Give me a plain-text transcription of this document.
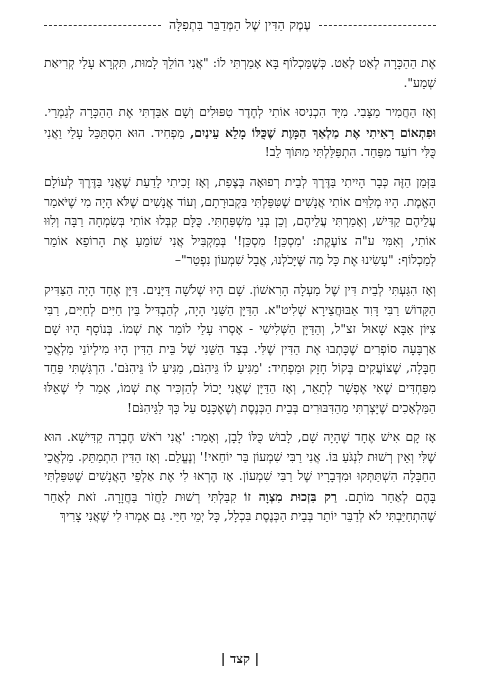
עֶמֶק הַדִּין שֶׁל הַמְּדַבֵּר בִּתְפִלָּה

אֶת הַהַכָּרָה לְאַט לְאַט. כְּשֶׁמַּכְלוֹף בָּא אָמַרְתִּי לוֹ: "אֲנִי הוֹלֵךְ לָמוּת, תִּקְרָא עָלַי קְרִיאַת שְׁמַע".

וְאָז הַחֲמִיר מַצָּבִי. מִיָּד הִכְנִיסוּ אוֹתִי לְחֶדֶר טִפּוּלִים וְשָׁם אִבַּדְתִּי אֶת הַהַכָּרָה לְגַמְרֵי. וּפִתְאוֹם רָאִיתִי אֶת מַלְאַךְ הַמָּוֶת שֶׁכֻּלּוֹ מָלֵא עֵינַיִם, מַפְחִיד. הוּא הִסְתַּכֵּל עָלַי וַאֲנִי כֻּלִּי רוֹעֵד מִפַּחַד. הִתְפַּלַּלְתִּי מִתּוֹךְ לֵב!

בַּזְּמַן הַזֶּה כְּבָר הָיִיתִי בַּדֶּרֶךְ לְבֵית רְפוּאָה בְּצֶפַת, וְאָז זָכִיתִי לָדַעַת שֶׁאֲנִי בַּדֶּרֶךְ לְעוֹלָם הָאֱמֶת. הָיוּ מְלַוִּים אוֹתִי אֲנָשִׁים שֶׁטִּפַּלְתִּי בִּקְבוּרָתָם, וְעוֹד אֲנָשִׁים שֶׁלֹּא הָיָה מִי שֶׁיֹּאמַר עֲלֵיהֶם קַדִּישׁ, וְאָמַרְתִּי עֲלֵיהֶם, וְכֵן בְּנֵי מִשְׁפַּחְתִּי. כֻּלָּם קִבְּלוּ אוֹתִי בְּשִׂמְחָה רַבָּה וְלִוּוּ אוֹתִי, וְאִמִּי ע"ה צוֹעֶקֶת: 'מִסְכֵּן! מִסְכֵּן!' בְּמַקְבִּיל אֲנִי שׁוֹמֵעַ אֶת הָרוֹפֵא אוֹמֵר לְמַכְלוֹף: "עָשִׂינוּ אֶת כָּל מַה שֶּׁיָּכֹלְנוּ, אֲבָל שִׁמְעוֹן נִפְטַר"–

וְאָז הִגַּעְתִּי לְבֵית דִּין שֶׁל מַעְלָה הָרִאשׁוֹן. שָׁם הָיוּ שְׁלֹשָׁה דַּיָּנִים. דַּיָּן אֶחָד הָיָה הַצַּדִּיק הַקָּדוֹשׁ רַבִּי דָּוִד אַבּוּחֲצֵירָא שְׁלִיט"א. הַדַּיָּן הַשֵּׁנִי הָיָה, לְהַבְדִּיל בֵּין חַיִּים לְחַיִּים, רַבִּי צִיּוֹן אַבָּא שָׁאוּל זצ"ל, וְהַדַּיָּן הַשְּׁלִישִׁי - אָסְרוּ עָלַי לוֹמַר אֶת שְׁמוֹ. בְּנוֹסָף הָיוּ שָׁם אַרְבָּעָה סוֹפְרִים שֶׁכָּתְבוּ אֶת הַדִּין שֶׁלִּי. בְּצַד הַשֵּׁנִי שֶׁל בֵּית הַדִּין הָיוּ מִילְיוֹנֵי מַלְאֲכֵי חַבָּלָה, שֶׁצּוֹעֲקִים בְּקוֹל חָזָק וּמַפְחִיד: 'מַגִּיעַ לוֹ גֵּיהִנֹּם, מַגִּיעַ לוֹ גֵּיהִנֹּם'. הִרְגַּשְׁתִּי פַּחַד מִפַּחְדִּים שֶׁאִי אֶפְשָׁר לְתָאֵר, וְאָז הַדַּיָּן שֶׁאֲנִי יָכוֹל לְהַזְכִּיר אֶת שְׁמוֹ, אָמַר לִי שֶׁאֵלּוּ הַמַּלְאָכִים שֶׁיָּצְרְתִּי מֵהַדִּבּוּרִים בְּבֵית הַכְּנֶסֶת וְשֶׁאֶכָּנֵס עַל כָּךְ לַגֵּיהִנֹּם!

אָז קָם אִישׁ אֶחָד שֶׁהָיָה שָׁם, לָבוּשׁ כֻּלּוֹ לָבָן, וְאָמַר: 'אֲנִי רֹאשׁ חֶבְרָה קַדִּישָׁא. הוּא שֶׁלִּי וְאֵין רְשׁוּת לִנְגֹּעַ בּוֹ. אֲנִי רַבִּי שִׁמְעוֹן בַּר יוֹחַאי!' וְנֶעֱלַם. וְאָז הַדִּין הִתְמַתֵּק. מַלְאֲכֵי הַחַבָּלָה הִשְׁתַּתְּקוּ וּמִדְּבָרָיו שֶׁל רַבִּי שִׁמְעוֹן. אָז הֶרְאוּ לִי אֶת אַלְפֵי הָאֲנָשִׁים שֶׁטִּפַּלְתִּי בָּהֶם לְאַחַר מוֹתָם. רַק בִּזְכוּת מִצְוָה זוֹ קִבַּלְתִּי רְשׁוּת לַחֲזֹר בַּחֲזָרָה. זֹאת לְאַחַר שֶׁהִתְחַיַּבְתִּי לֹא לְדַבֵּר יוֹתֵר בְּבֵית הַכְּנֶסֶת בִּכְלָל, כָּל יְמֵי חַיַּי. גַּם אָמְרוּ לִי שֶׁאֲנִי צָרִיךְ

| קצד |
